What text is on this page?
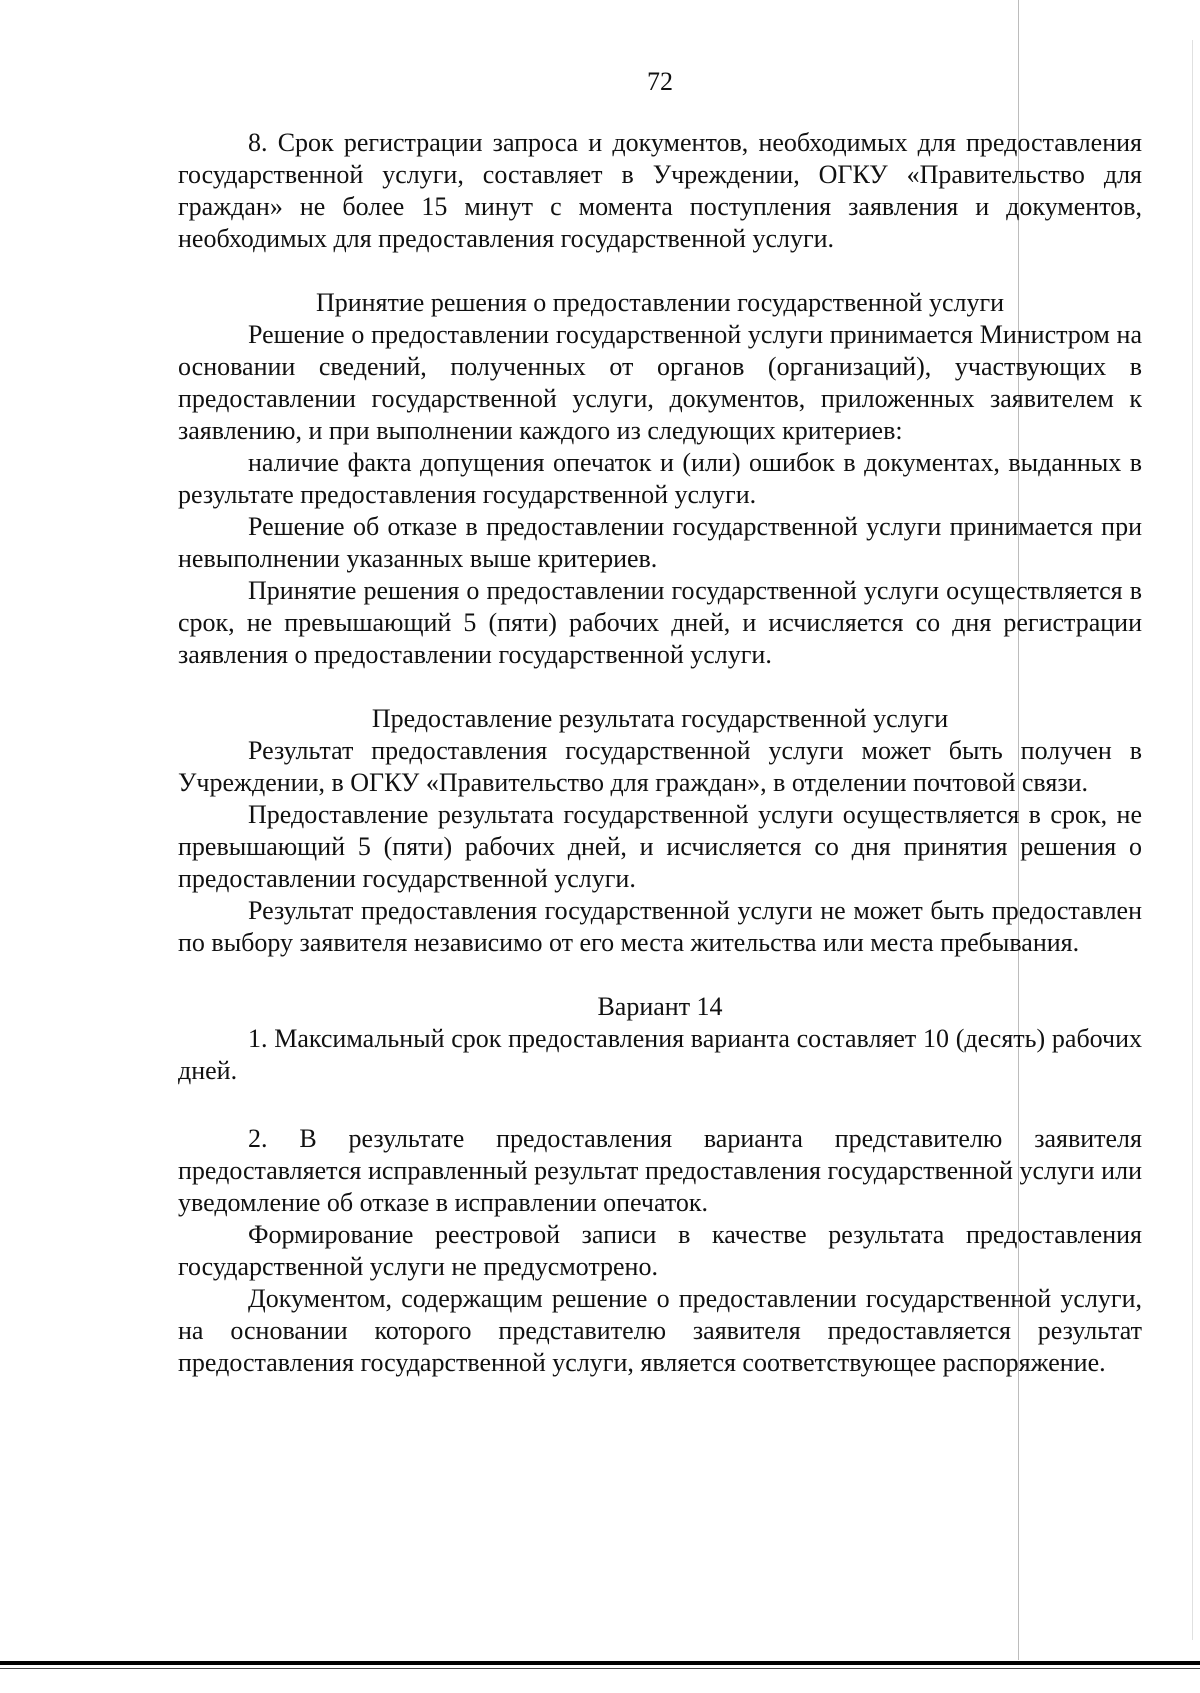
72

8. Срок регистрации запроса и документов, необходимых для предоставления государственной услуги, составляет в Учреждении, ОГКУ «Правительство для граждан» не более 15 минут с момента поступления заявления и документов, необходимых для предоставления государственной услуги.

Принятие решения о предоставлении государственной услуги

Решение о предоставлении государственной услуги принимается Министром на основании сведений, полученных от органов (организаций), участвующих в предоставлении государственной услуги, документов, приложенных заявителем к заявлению, и при выполнении каждого из следующих критериев:

наличие факта допущения опечаток и (или) ошибок в документах, выданных в результате предоставления государственной услуги.

Решение об отказе в предоставлении государственной услуги принимается при невыполнении указанных выше критериев.

Принятие решения о предоставлении государственной услуги осуществляется в срок, не превышающий 5 (пяти) рабочих дней, и исчисляется со дня регистрации заявления о предоставлении государственной услуги.

Предоставление результата государственной услуги

Результат предоставления государственной услуги может быть получен в Учреждении, в ОГКУ «Правительство для граждан», в отделении почтовой связи.

Предоставление результата государственной услуги осуществляется в срок, не превышающий 5 (пяти) рабочих дней, и исчисляется со дня принятия решения о предоставлении государственной услуги.

Результат предоставления государственной услуги не может быть предоставлен по выбору заявителя независимо от его места жительства или места пребывания.

Вариант 14

1. Максимальный срок предоставления варианта составляет 10 (десять) рабочих дней.

2. В результате предоставления варианта представителю заявителя предоставляется исправленный результат предоставления государственной услуги или уведомление об отказе в исправлении опечаток.

Формирование реестровой записи в качестве результата предоставления государственной услуги не предусмотрено.

Документом, содержащим решение о предоставлении государственной услуги, на основании которого представителю заявителя предоставляется результат предоставления государственной услуги, является соответствующее распоряжение.
